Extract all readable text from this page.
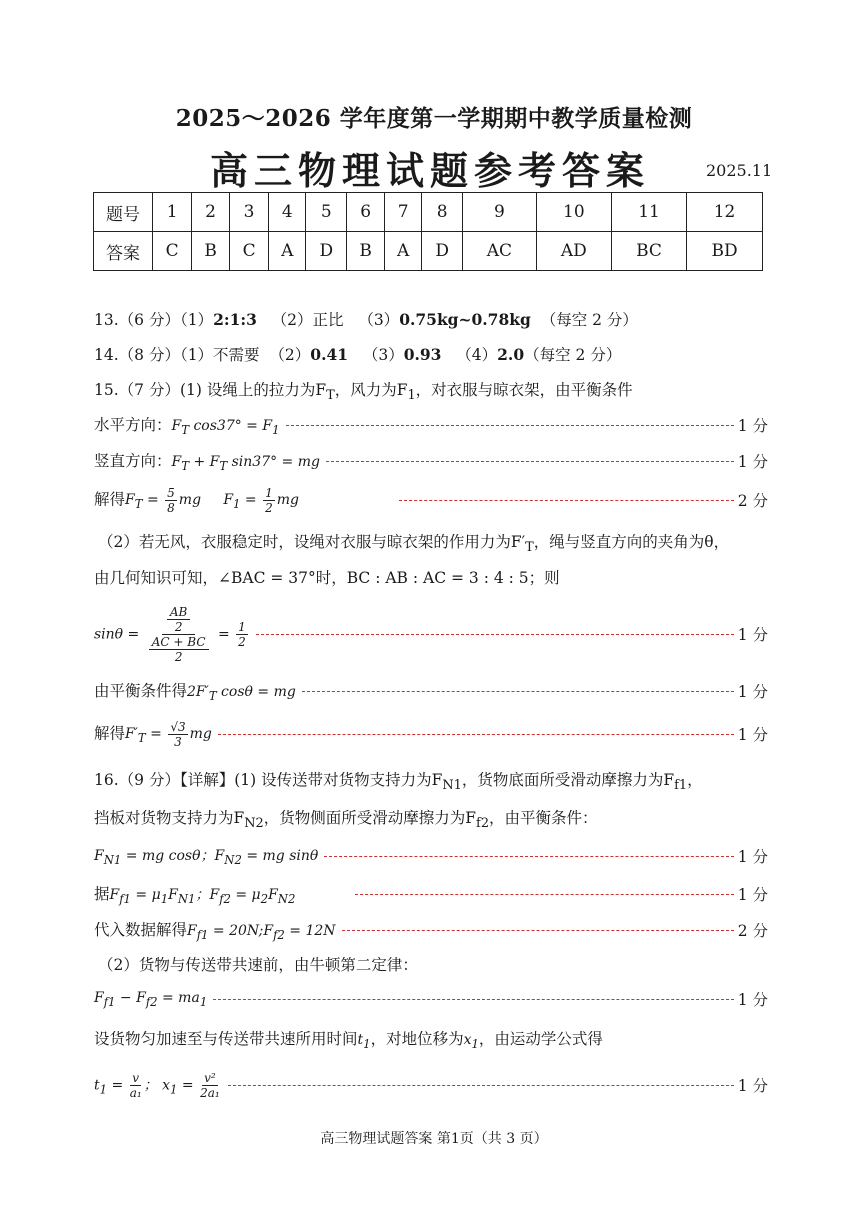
2025～2026 学年度第一学期期中教学质量检测
高三物理试题参考答案	2025.11
题号	1	2	3	4	5	6	7	8	9	10	11	12
答案	C	B	C	A	D	B	A	D	AC	AD	BC	BD
13.（6 分）（1）2:1:3 （2）正比 （3）0.75kg~0.78kg （每空 2 分）
14.（8 分）（1）不需要 （2）0.41 （3）0.93 （4）2.0（每空 2 分）
15.（7 分）(1) 设绳上的拉力为$F_T$，风力为$F_1$，对衣服与晾衣架，由平衡条件
水平方向：$F_T$ $\cos 37^\circ = F_1$	1 分
竖直方向：$F_T + F_T$ sin37° = mg	1 分
解得$F_T = \frac{5}{8}$ mg $F_1 = \frac{1}{2}$ mg	2 分
（2）若无风，衣服稳定时，设绳对衣服与晾衣架的作用力为$F'_T$，绳与竖直方向的夹角为θ，
由几何知识可知，∠BAC = 37°时，BC : AB : AC = 3 : 4 : 5；则
$\sin\theta = \frac{\frac{AB}{2}}{\frac{AC + BC}{2}} = \frac{1}{2}$	1 分
由平衡条件得$2F'_T$ cosθ = mg	1 分
解得$F'_T = \frac{√3}{3}$ mg	1 分
16.（9 分）【详解】(1) 设传送带对货物支持力为$F_{N1}$，货物底面所受滑动摩擦力为$F_{f1}$，
挡板对货物支持力为$F_{N2}$，货物侧面所受滑动摩擦力为$F_{f2}$，由平衡条件：
$F_{N1}$ = mg cosθ；$F_{N2}$ = mg sinθ	1 分
据$F_{f1} = \mu_1F_{N1}$；$F_{f2} = \mu_2F_{N2}$	1 分
代入数据解得$F_{f1}$ = $20N;F_{f2} = 12N$	2 分
（2）货物与传送带共速前，由牛顿第二定律：
$F_{f1} - F_{f2} = ma_1$	1 分
设货物匀加速至与传送带共速所用时间$t_1$，对地位移为$x_1$，由运动学公式得
$t_1 = \frac{v}{\text{a₁}}$ ； $x_1 = \frac{\text{v²}}{\text{2a₁}}$	1 分
高三物理试题答案 第1页（共 3 页）
